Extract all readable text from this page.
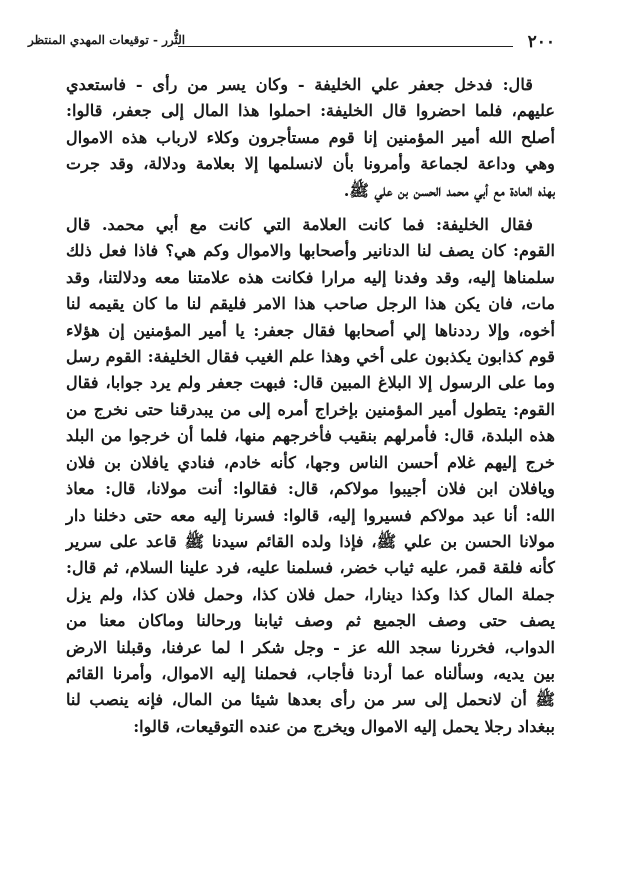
٢٠٠
الثُّرر - توقيعات المهدي المنتظر

قال: فدخل جعفر علي الخليفة - وكان يسر من رأى - فاستعدي
عليهم، فلما احضروا قال الخليفة: احملوا هذا المال إلى جعفر، قالوا:
أصلح الله أمير المؤمنين إنا قوم مستأجرون وكلاء لارباب هذه الاموال
وهي وداعة لجماعة وأمرونا بأن لانسلمها إلا بعلامة ودلالة، وقد جرت
بهذه العادة مع أبي محمد الحسن بن علي ﷺ.

فقال الخليفة: فما كانت العلامة التي كانت مع أبي محمد. قال
القوم: كان يصف لنا الدنانير وأصحابها والاموال وكم هي؟ فاذا فعل ذلك
سلمناها إليه، وقد وفدنا إليه مرارا فكانت هذه علامتنا معه ودلالتنا، وقد
مات، فان يكن هذا الرجل صاحب هذا الامر فليقم لنا ما كان يقيمه لنا
أخوه، وإلا رددناها إلي أصحابها فقال جعفر: يا أمير المؤمنين إن هؤلاء
قوم كذابون يكذبون على أخي وهذا علم الغيب فقال الخليفة: القوم رسل
وما على الرسول إلا البلاغ المبين قال: فبهت جعفر ولم يرد جوابا، فقال
القوم: يتطول أمير المؤمنين بإخراج أمره إلى من يبدرقنا حتى نخرج من
هذه البلدة، قال: فأمرلهم بنقيب فأخرجهم منها، فلما أن خرجوا من البلد
خرج إليهم غلام أحسن الناس وجها، كأنه خادم، فنادي يافلان بن فلان
ويافلان ابن فلان أجيبوا مولاكم، قال: فقالوا: أنت مولانا، قال: معاذ
الله: أنا عبد مولاكم فسيروا إليه، قالوا: فسرنا إليه معه حتى دخلنا دار
مولانا الحسن بن علي ﷺ، فإذا ولده القائم سيدنا ﷺ قاعد على سرير
كأنه فلقة قمر، عليه ثياب خضر، فسلمنا عليه، فرد علينا السلام، ثم قال:
جملة المال كذا وكذا دينارا، حمل فلان كذا، وحمل فلان كذا، ولم يزل
يصف حتى وصف الجميع ثم وصف ثيابنا ورحالنا وماكان معنا من
الدواب، فخررنا سجد الله عز - وجل شكر ا لما عرفنا، وقبلنا الارض
بين يديه، وسألناه عما أردنا فأجاب، فحملنا إليه الاموال، وأمرنا القائم
ﷺ أن لانحمل إلى سر من رأى بعدها شيئا من المال، فإنه ينصب لنا
ببغداد رجلا يحمل إليه الاموال ويخرج من عنده التوقيعات، قالوا:
